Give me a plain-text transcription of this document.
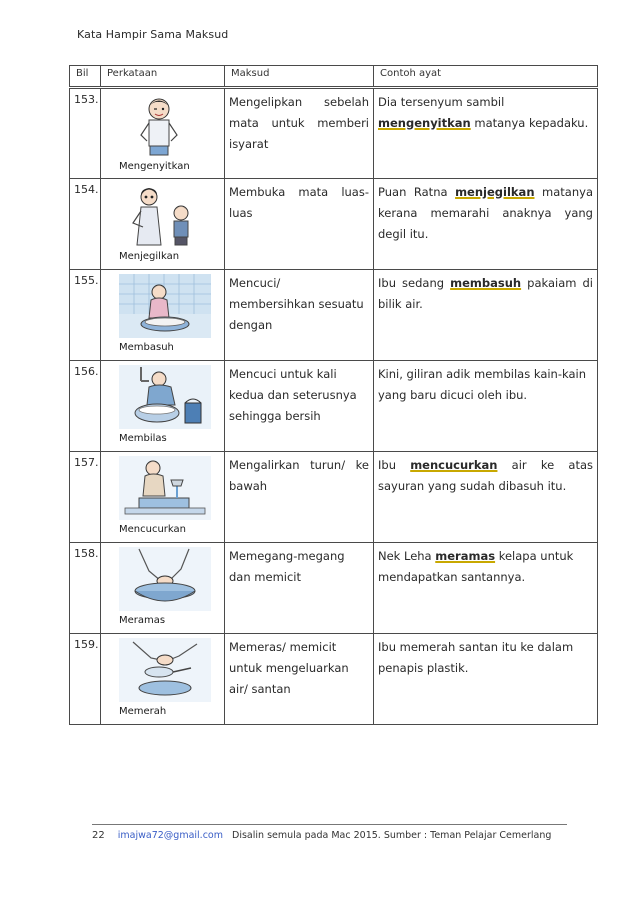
Kata Hampir Sama Maksud
Bil	Perkataan	Maksud	Contoh ayat
153.	Mengenyitkan	Mengelipkan sebelah mata untuk memberi isyarat	Dia tersenyum sambil mengenyitkan matanya kepadaku.
154.	Menjegilkan	Membuka mata luas-luas	Puan Ratna menjegilkan matanya kerana memarahi anaknya yang degil itu.
155.	Membasuh	Mencuci/ membersihkan sesuatu dengan	Ibu sedang membasuh pakaiam di bilik air.
156.	Membilas	Mencuci untuk kali kedua dan seterusnya sehingga bersih	Kini, giliran adik membilas kain-kain yang baru dicuci oleh ibu.
157.	Mencucurkan	Mengalirkan turun/ ke bawah	Ibu mencucurkan air ke atas sayuran yang sudah dibasuh itu.
158.	Meramas	Memegang-megang dan memicit	Nek Leha meramas kelapa untuk mendapatkan santannya.
159.	Memerah	Memeras/ memicit untuk mengeluarkan air/ santan	Ibu memerah santan itu ke dalam penapis plastik.
22 imajwa72@gmail.com Disalin semula pada Mac 2015. Sumber : Teman Pelajar Cemerlang
